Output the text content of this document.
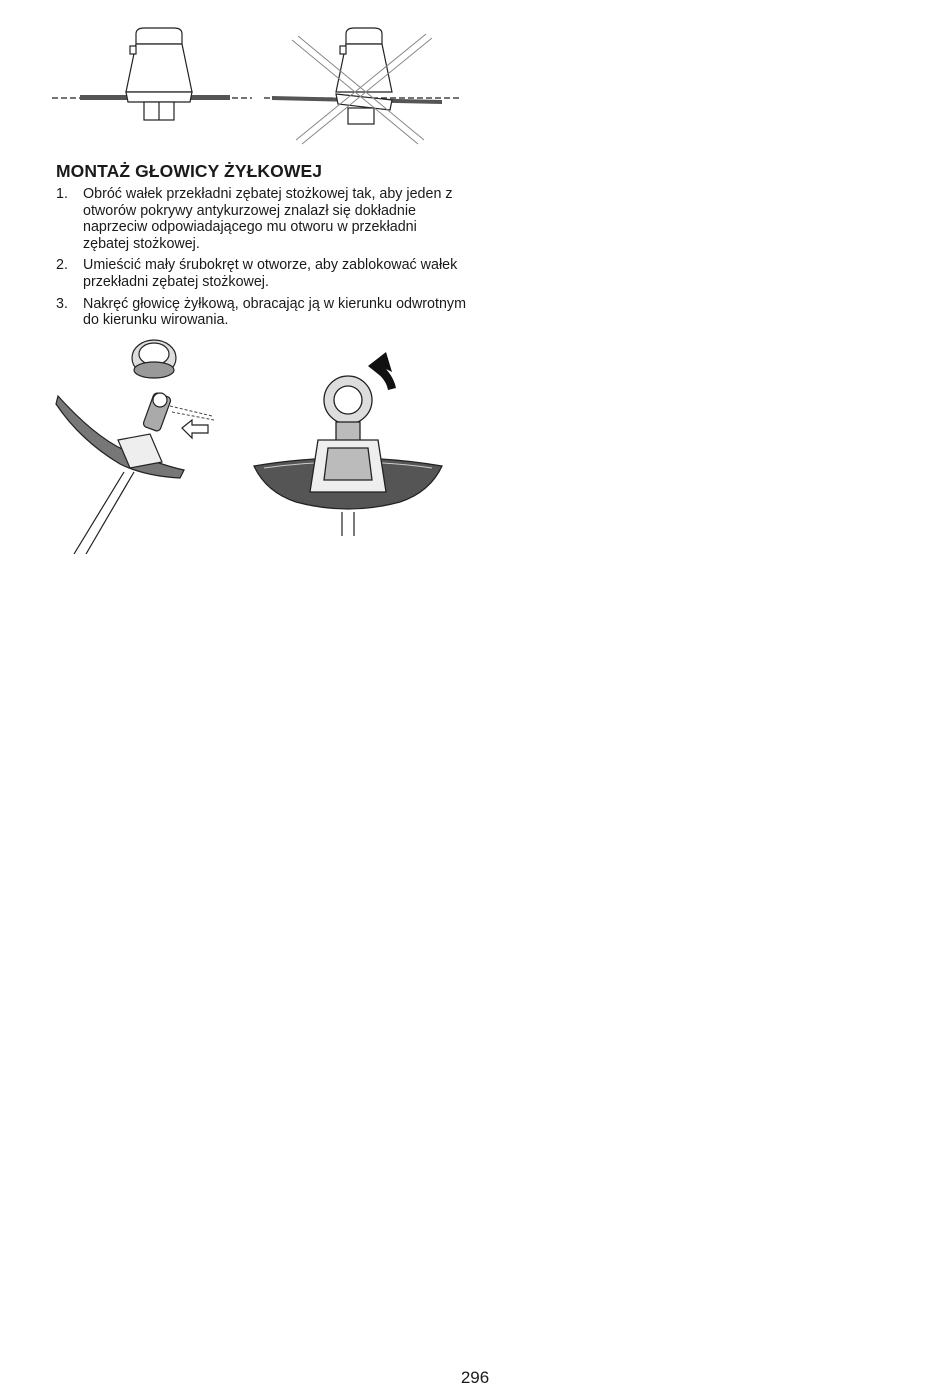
MONTAŻ GŁOWICY ŻYŁKOWEJ
1. Obróć wałek przekładni zębatej stożkowej tak, aby jeden z otworów pokrywy antykurzowej znalazł się dokładnie naprzeciw odpowiadającego mu otworu w przekładni zębatej stożkowej.
2. Umieścić mały śrubokręt w otworze, aby zablokować wałek przekładni zębatej stożkowej.
3. Nakręć głowicę żyłkową, obracając ją w kierunku odwrotnym do kierunku wirowania.
296
